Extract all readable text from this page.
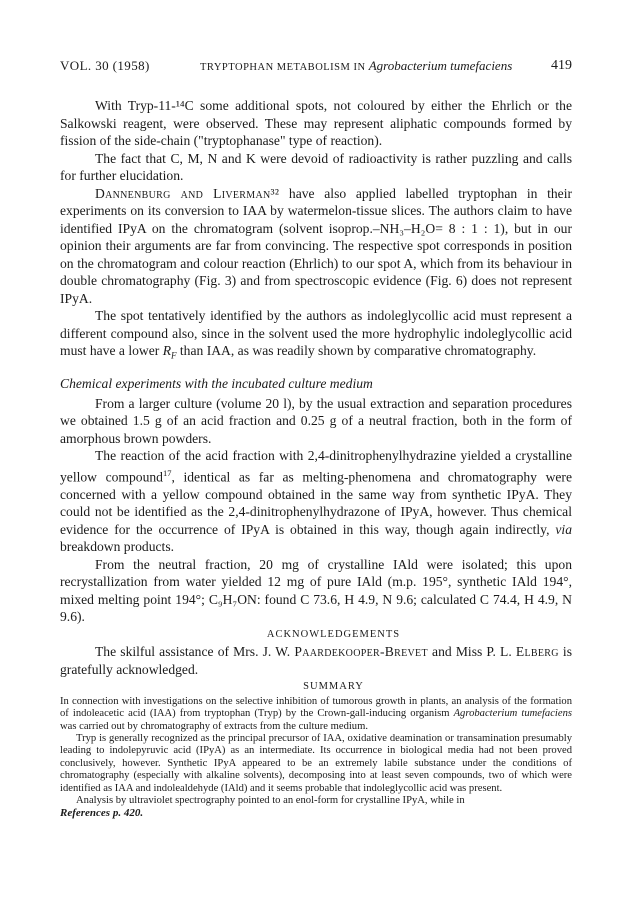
VOL. 30 (1958)	TRYPTOPHAN METABOLISM IN Agrobacterium tumefaciens	419

With Tryp-11-¹⁴C some additional spots, not coloured by either the Ehrlich or the Salkowski reagent, were observed. These may represent aliphatic compounds formed by fission of the side-chain ("tryptophanase" type of reaction).

The fact that C, M, N and K were devoid of radioactivity is rather puzzling and calls for further elucidation.

Dannenburg and Liverman³² have also applied labelled tryptophan in their experiments on its conversion to IAA by watermelon-tissue slices. The authors claim to have identified IPyA on the chromatogram (solvent isoprop.–NH₃–H₂O= 8 : 1 : 1), but in our opinion their arguments are far from convincing. The respective spot corresponds in position on the chromatogram and colour reaction (Ehrlich) to our spot A, which from its behaviour in double chromatography (Fig. 3) and from spectroscopic evidence (Fig. 6) does not represent IPyA.

The spot tentatively identified by the authors as indoleglycollic acid must represent a different compound also, since in the solvent used the more hydrophylic indoleglycollic acid must have a lower $R_F$ than IAA, as was readily shown by comparative chromatography.

Chemical experiments with the incubated culture medium

From a larger culture (volume 20 l), by the usual extraction and separation procedures we obtained 1.5 g of an acid fraction and 0.25 g of a neutral fraction, both in the form of amorphous brown powders.

The reaction of the acid fraction with 2,4-dinitrophenylhydrazine yielded a crystalline yellow compound$^{17}$, identical as far as melting-phenomena and chromatography were concerned with a yellow compound obtained in the same way from synthetic IPyA. They could not be identified as the 2,4-dinitrophenylhydrazone of IPyA, however. Thus chemical evidence for the occurrence of IPyA is obtained in this way, though again indirectly, via breakdown products.

From the neutral fraction, 20 mg of crystalline IAld were isolated; this upon recrystallization from water yielded 12 mg of pure IAld (m.p. 195°, synthetic IAld 194°, mixed melting point 194°; C₉H₇ON: found C 73.6, H 4.9, N 9.6; calculated C 74.4, H 4.9, N 9.6).

ACKNOWLEDGEMENTS

The skilful assistance of Mrs. J. W. Paardekooper-Brevet and Miss P. L. Elberg is gratefully acknowledged.

SUMMARY

In connection with investigations on the selective inhibition of tumorous growth in plants, an analysis of the formation of indoleacetic acid (IAA) from tryptophan (Tryp) by the Crown-gall-inducing organism Agrobacterium tumefaciens was carried out by chromatography of extracts from the culture medium.

Tryp is generally recognized as the principal precursor of IAA, oxidative deamination or transamination presumably leading to indolepyruvic acid (IPyA) as an intermediate. Its occurrence in biological media had not been proved conclusively, however. Synthetic IPyA appeared to be an extremely labile substance under the conditions of chromatography (especially with alkaline solvents), decomposing into at least seven compounds, two of which were identified as IAA and indolealdehyde (IAld) and it seems probable that indoleglycollic acid was present.

Analysis by ultraviolet spectrography pointed to an enol-form for crystalline IPyA, while in

References p. 420.
